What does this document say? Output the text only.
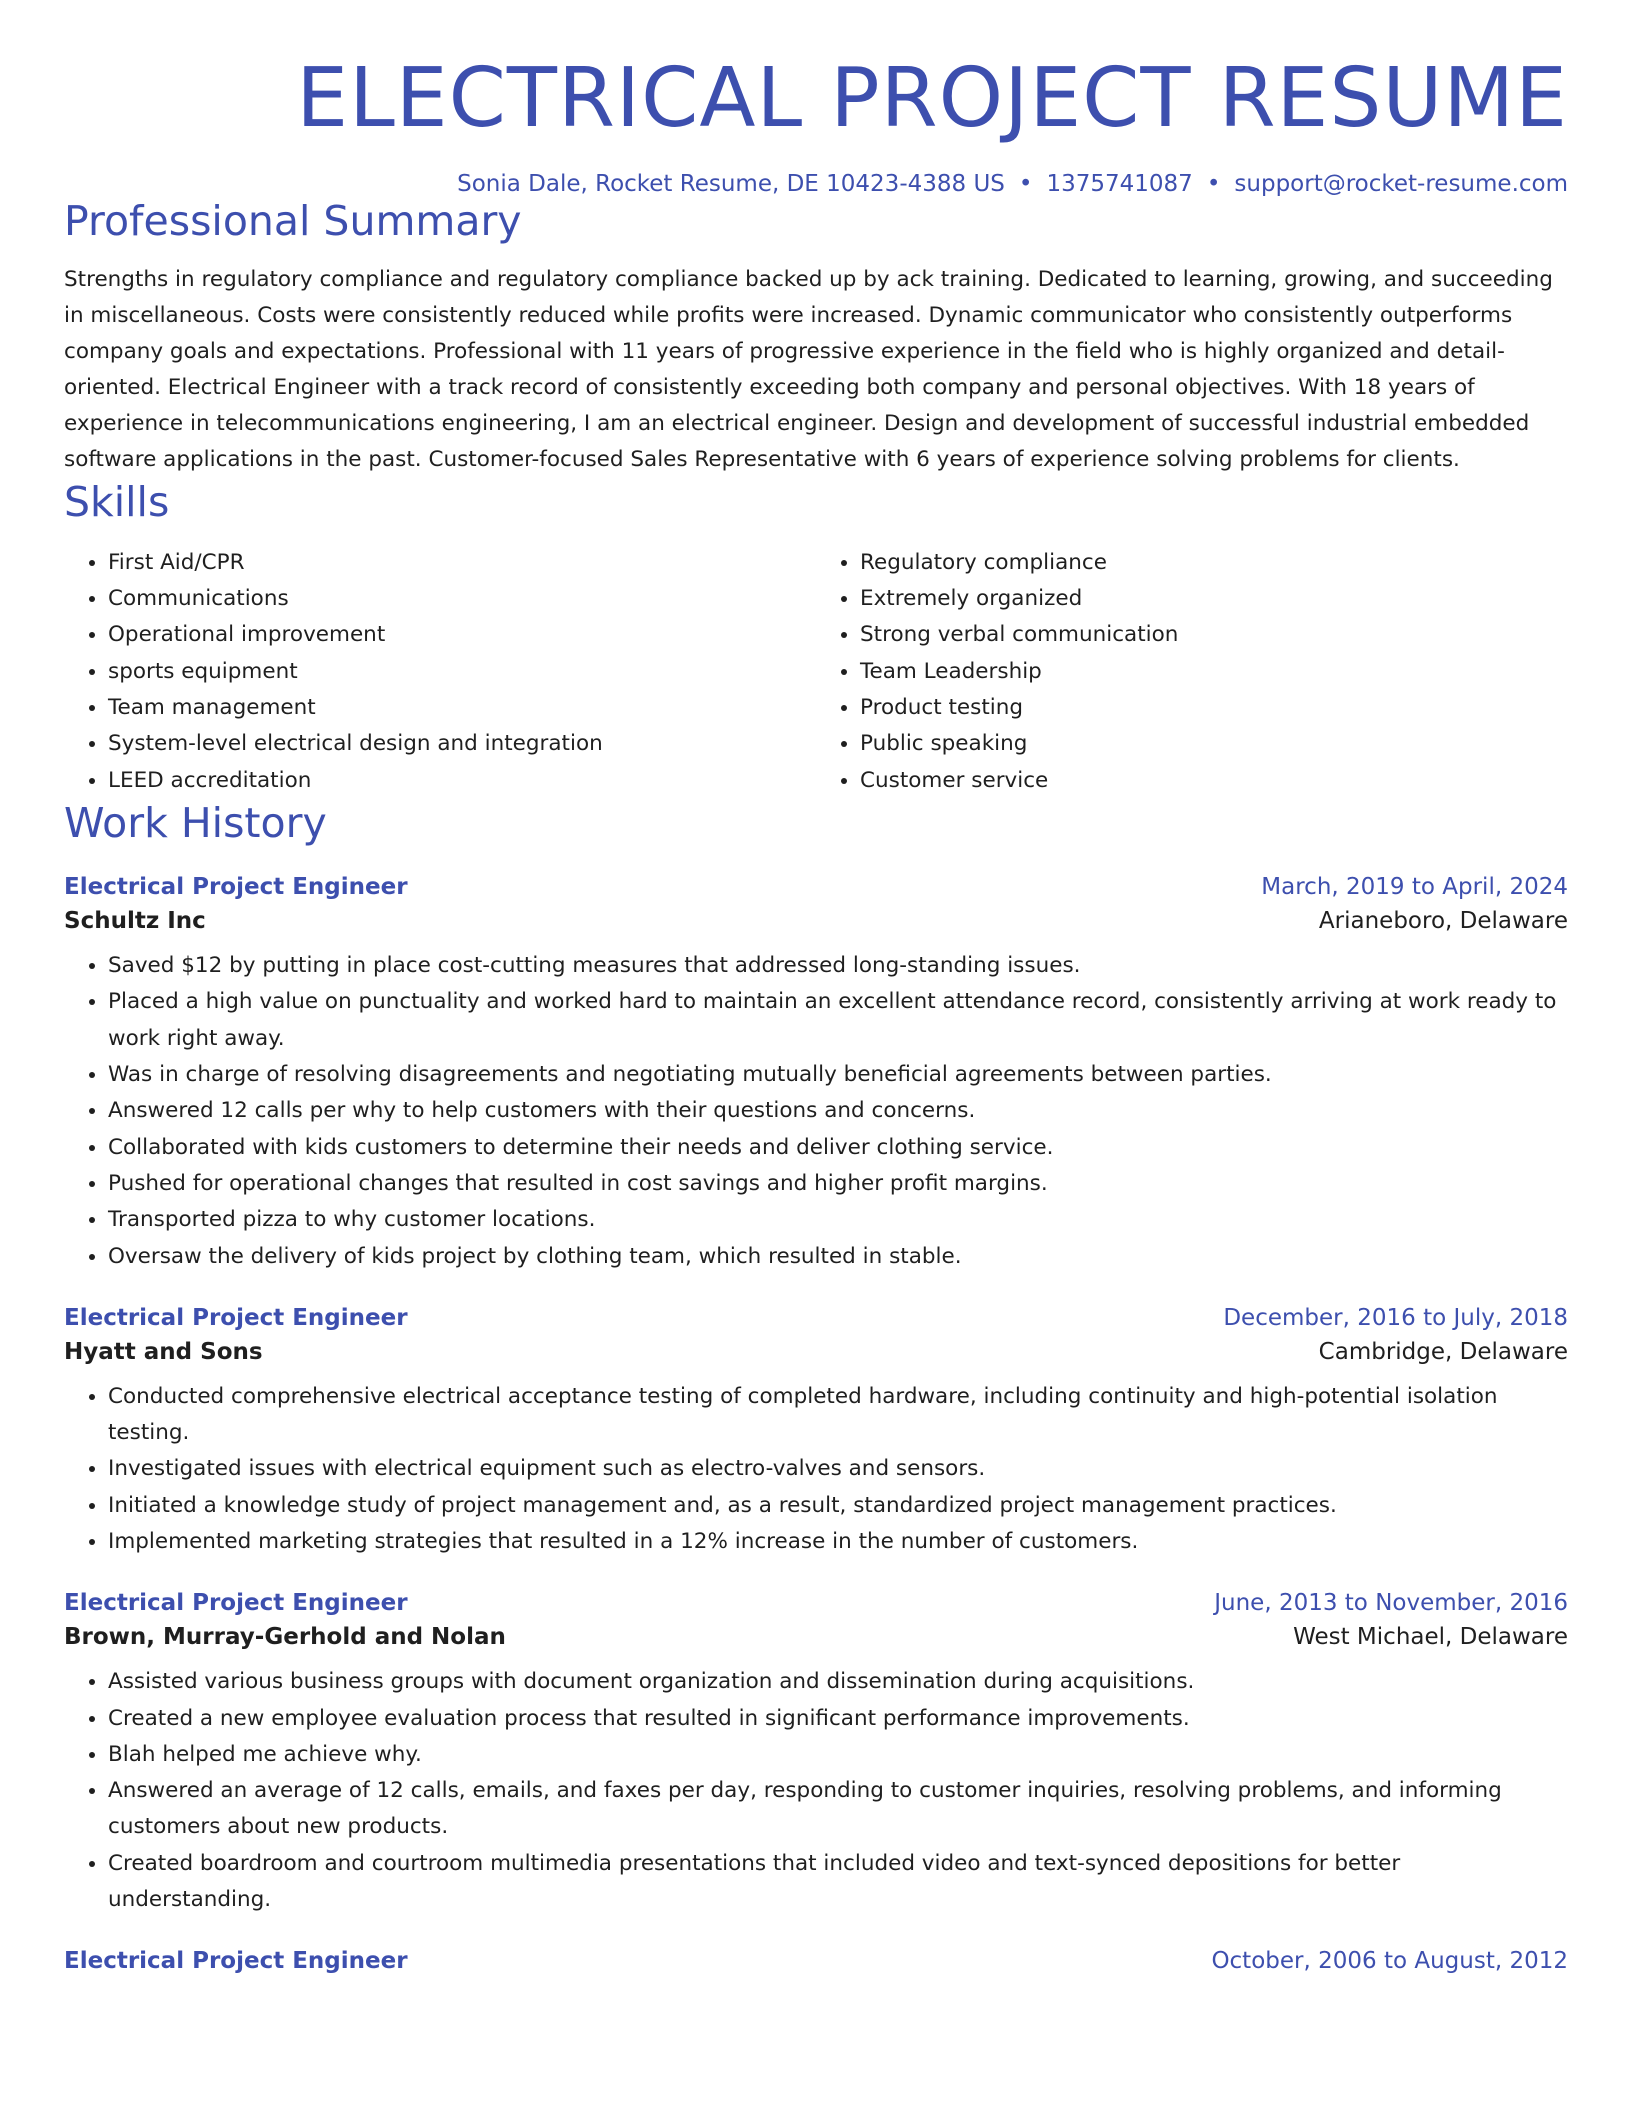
ELECTRICAL PROJECT RESUME
Sonia Dale, Rocket Resume, DE 10423-4388 US • 1375741087 • support@rocket-resume.com
Professional Summary

Strengths in regulatory compliance and regulatory compliance backed up by ack training. Dedicated to learning, growing, and succeeding in miscellaneous. Costs were consistently reduced while profits were increased. Dynamic communicator who consistently outperforms company goals and expectations. Professional with 11 years of progressive experience in the field who is highly organized and detail-oriented. Electrical Engineer with a track record of consistently exceeding both company and personal objectives. With 18 years of experience in telecommunications engineering, I am an electrical engineer. Design and development of successful industrial embedded software applications in the past. Customer-focused Sales Representative with 6 years of experience solving problems for clients.

Skills
• First Aid/CPR
• Communications
• Operational improvement
• sports equipment
• Team management
• System-level electrical design and integration
• LEED accreditation
• Regulatory compliance
• Extremely organized
• Strong verbal communication
• Team Leadership
• Product testing
• Public speaking
• Customer service
Work History
Electrical Project Engineer	March, 2019 to April, 2024
Schultz Inc	Arianeboro, Delaware
• Saved $12 by putting in place cost-cutting measures that addressed long-standing issues.
• Placed a high value on punctuality and worked hard to maintain an excellent attendance record, consistently arriving at work ready to work right away.
• Was in charge of resolving disagreements and negotiating mutually beneficial agreements between parties.
• Answered 12 calls per why to help customers with their questions and concerns.
• Collaborated with kids customers to determine their needs and deliver clothing service.
• Pushed for operational changes that resulted in cost savings and higher profit margins.
• Transported pizza to why customer locations.
• Oversaw the delivery of kids project by clothing team, which resulted in stable.
Electrical Project Engineer	December, 2016 to July, 2018
Hyatt and Sons	Cambridge, Delaware
• Conducted comprehensive electrical acceptance testing of completed hardware, including continuity and high-potential isolation testing.
• Investigated issues with electrical equipment such as electro-valves and sensors.
• Initiated a knowledge study of project management and, as a result, standardized project management practices.
• Implemented marketing strategies that resulted in a 12% increase in the number of customers.
Electrical Project Engineer	June, 2013 to November, 2016
Brown, Murray-Gerhold and Nolan	West Michael, Delaware
• Assisted various business groups with document organization and dissemination during acquisitions.
• Created a new employee evaluation process that resulted in significant performance improvements.
• Blah helped me achieve why.
• Answered an average of 12 calls, emails, and faxes per day, responding to customer inquiries, resolving problems, and informing customers about new products.
• Created boardroom and courtroom multimedia presentations that included video and text-synced depositions for better understanding.
Electrical Project Engineer	October, 2006 to August, 2012
